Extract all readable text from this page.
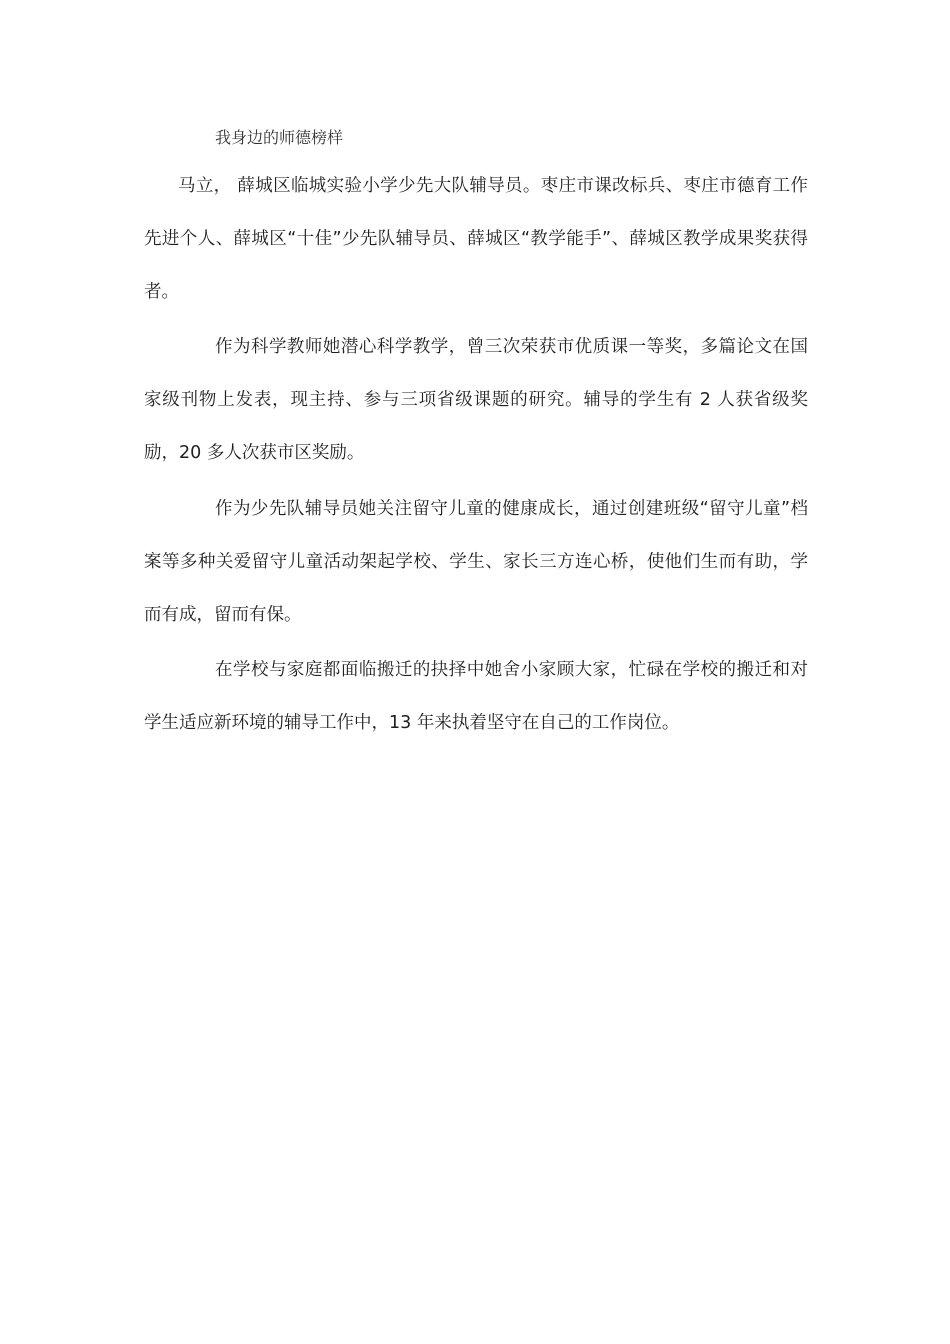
我身边的师德榜样

马立， 薛城区临城实验小学少先大队辅导员。枣庄市课改标兵、枣庄市德育工作先进个人、薛城区“十佳”少先队辅导员、薛城区“教学能手”、薛城区教学成果奖获得者。

作为科学教师她潜心科学教学，曾三次荣获市优质课一等奖，多篇论文在国家级刊物上发表，现主持、参与三项省级课题的研究。辅导的学生有 2 人获省级奖励，20 多人次获市区奖励。

作为少先队辅导员她关注留守儿童的健康成长，通过创建班级“留守儿童”档案等多种关爱留守儿童活动架起学校、学生、家长三方连心桥，使他们生而有助，学而有成，留而有保。

在学校与家庭都面临搬迁的抉择中她舍小家顾大家，忙碌在学校的搬迁和对学生适应新环境的辅导工作中，13 年来执着坚守在自己的工作岗位。
